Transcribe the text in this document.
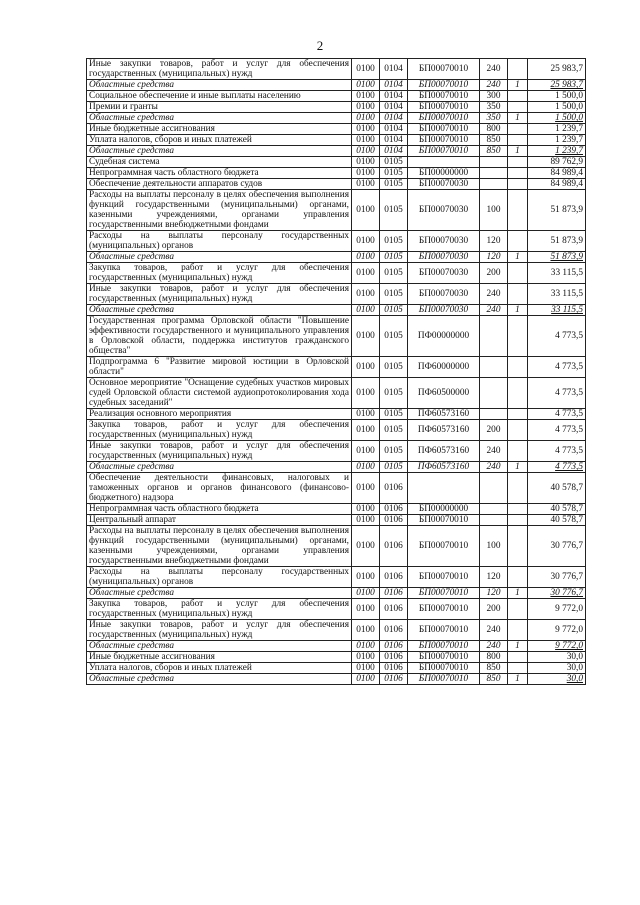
2
Иные закупки товаров, работ и услуг для обеспечения государственных (муниципальных) нужд	0100	0104	БП00070010	240		25 983,7
Областные средства	0100	0104	БП00070010	240	1	25 983,7
Социальное обеспечение и иные выплаты населению	0100	0104	БП00070010	300		1 500,0
Премии и гранты	0100	0104	БП00070010	350		1 500,0
Областные средства	0100	0104	БП00070010	350	1	1 500,0
Иные бюджетные ассигнования	0100	0104	БП00070010	800		1 239,7
Уплата налогов, сборов и иных платежей	0100	0104	БП00070010	850		1 239,7
Областные средства	0100	0104	БП00070010	850	1	1 239,7
Судебная система	0100	0105				89 762,9
Непрограммная часть областного бюджета	0100	0105	БП00000000			84 989,4
Обеспечение деятельности аппаратов судов	0100	0105	БП00070030			84 989,4
Расходы на выплаты персоналу в целях обеспечения выполнения функций государственными (муниципальными) органами, казенными учреждениями, органами управления государственными внебюджетными фондами	0100	0105	БП00070030	100		51 873,9
Расходы на выплаты персоналу государственных (муниципальных) органов	0100	0105	БП00070030	120		51 873,9
Областные средства	0100	0105	БП00070030	120	1	51 873,9
Закупка товаров, работ и услуг для обеспечения государственных (муниципальных) нужд	0100	0105	БП00070030	200		33 115,5
Иные закупки товаров, работ и услуг для обеспечения государственных (муниципальных) нужд	0100	0105	БП00070030	240		33 115,5
Областные средства	0100	0105	БП00070030	240	1	33 115,5
Государственная программа Орловской области "Повышение эффективности государственного и муниципального управления в Орловской области, поддержка институтов гражданского общества"	0100	0105	ПФ00000000			4 773,5
Подпрограмма 6 "Развитие мировой юстиции в Орловской области"	0100	0105	ПФ60000000			4 773,5
Основное мероприятие "Оснащение судебных участков мировых судей Орловской области системой аудиопротоколирования хода судебных заседаний"	0100	0105	ПФ60500000			4 773,5
Реализация основного мероприятия	0100	0105	ПФ60573160			4 773,5
Закупка товаров, работ и услуг для обеспечения государственных (муниципальных) нужд	0100	0105	ПФ60573160	200		4 773,5
Иные закупки товаров, работ и услуг для обеспечения государственных (муниципальных) нужд	0100	0105	ПФ60573160	240		4 773,5
Областные средства	0100	0105	ПФ60573160	240	1	4 773,5
Обеспечение деятельности финансовых, налоговых и таможенных органов и органов финансового (финансово-бюджетного) надзора	0100	0106				40 578,7
Непрограммная часть областного бюджета	0100	0106	БП00000000			40 578,7
Центральный аппарат	0100	0106	БП00070010			40 578,7
Расходы на выплаты персоналу в целях обеспечения выполнения функций государственными (муниципальными) органами, казенными учреждениями, органами управления государственными внебюджетными фондами	0100	0106	БП00070010	100		30 776,7
Расходы на выплаты персоналу государственных (муниципальных) органов	0100	0106	БП00070010	120		30 776,7
Областные средства	0100	0106	БП00070010	120	1	30 776,7
Закупка товаров, работ и услуг для обеспечения государственных (муниципальных) нужд	0100	0106	БП00070010	200		9 772,0
Иные закупки товаров, работ и услуг для обеспечения государственных (муниципальных) нужд	0100	0106	БП00070010	240		9 772,0
Областные средства	0100	0106	БП00070010	240	1	9 772,0
Иные бюджетные ассигнования	0100	0106	БП00070010	800		30,0
Уплата налогов, сборов и иных платежей	0100	0106	БП00070010	850		30,0
Областные средства	0100	0106	БП00070010	850	1	30,0
